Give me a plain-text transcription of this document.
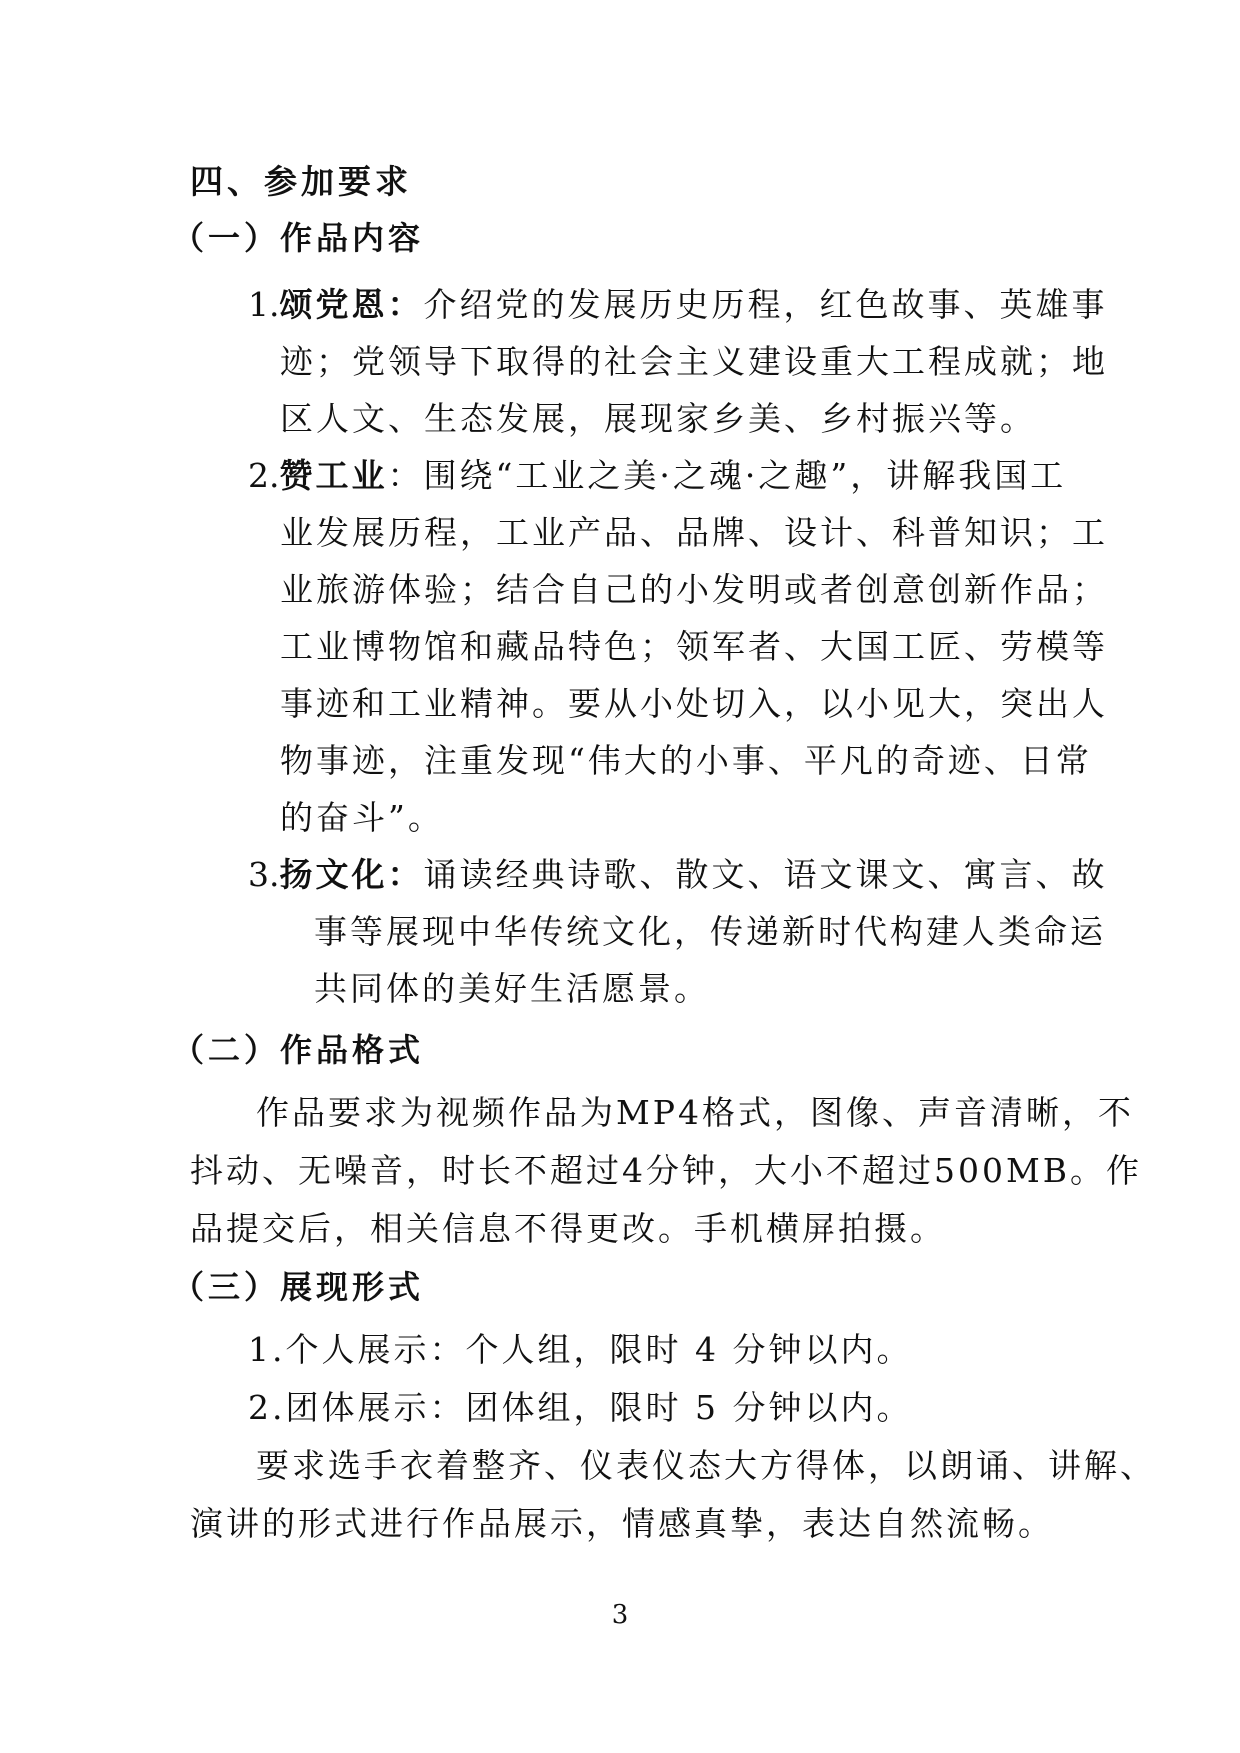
四、参加要求
（一）作品内容
1.颂党恩：介绍党的发展历史历程，红色故事、英雄事
迹；党领导下取得的社会主义建设重大工程成就；地
区人文、生态发展，展现家乡美、乡村振兴等。
2.赞工业：围绕“工业之美·之魂·之趣”，讲解我国工
业发展历程，工业产品、品牌、设计、科普知识；工
业旅游体验；结合自己的小发明或者创意创新作品；
工业博物馆和藏品特色；领军者、大国工匠、劳模等
事迹和工业精神。要从小处切入，以小见大，突出人
物事迹，注重发现“伟大的小事、平凡的奇迹、日常
的奋斗”。
3.扬文化：诵读经典诗歌、散文、语文课文、寓言、故
事等展现中华传统文化，传递新时代构建人类命运
共同体的美好生活愿景。
（二）作品格式
作品要求为视频作品为MP4格式，图像、声音清晰，不
抖动、无噪音，时长不超过4分钟，大小不超过500MB。作
品提交后，相关信息不得更改。手机横屏拍摄。
（三）展现形式
1.个人展示：个人组，限时 4 分钟以内。
2.团体展示：团体组，限时 5 分钟以内。
要求选手衣着整齐、仪表仪态大方得体，以朗诵、讲解、
演讲的形式进行作品展示，情感真挚，表达自然流畅。
3
